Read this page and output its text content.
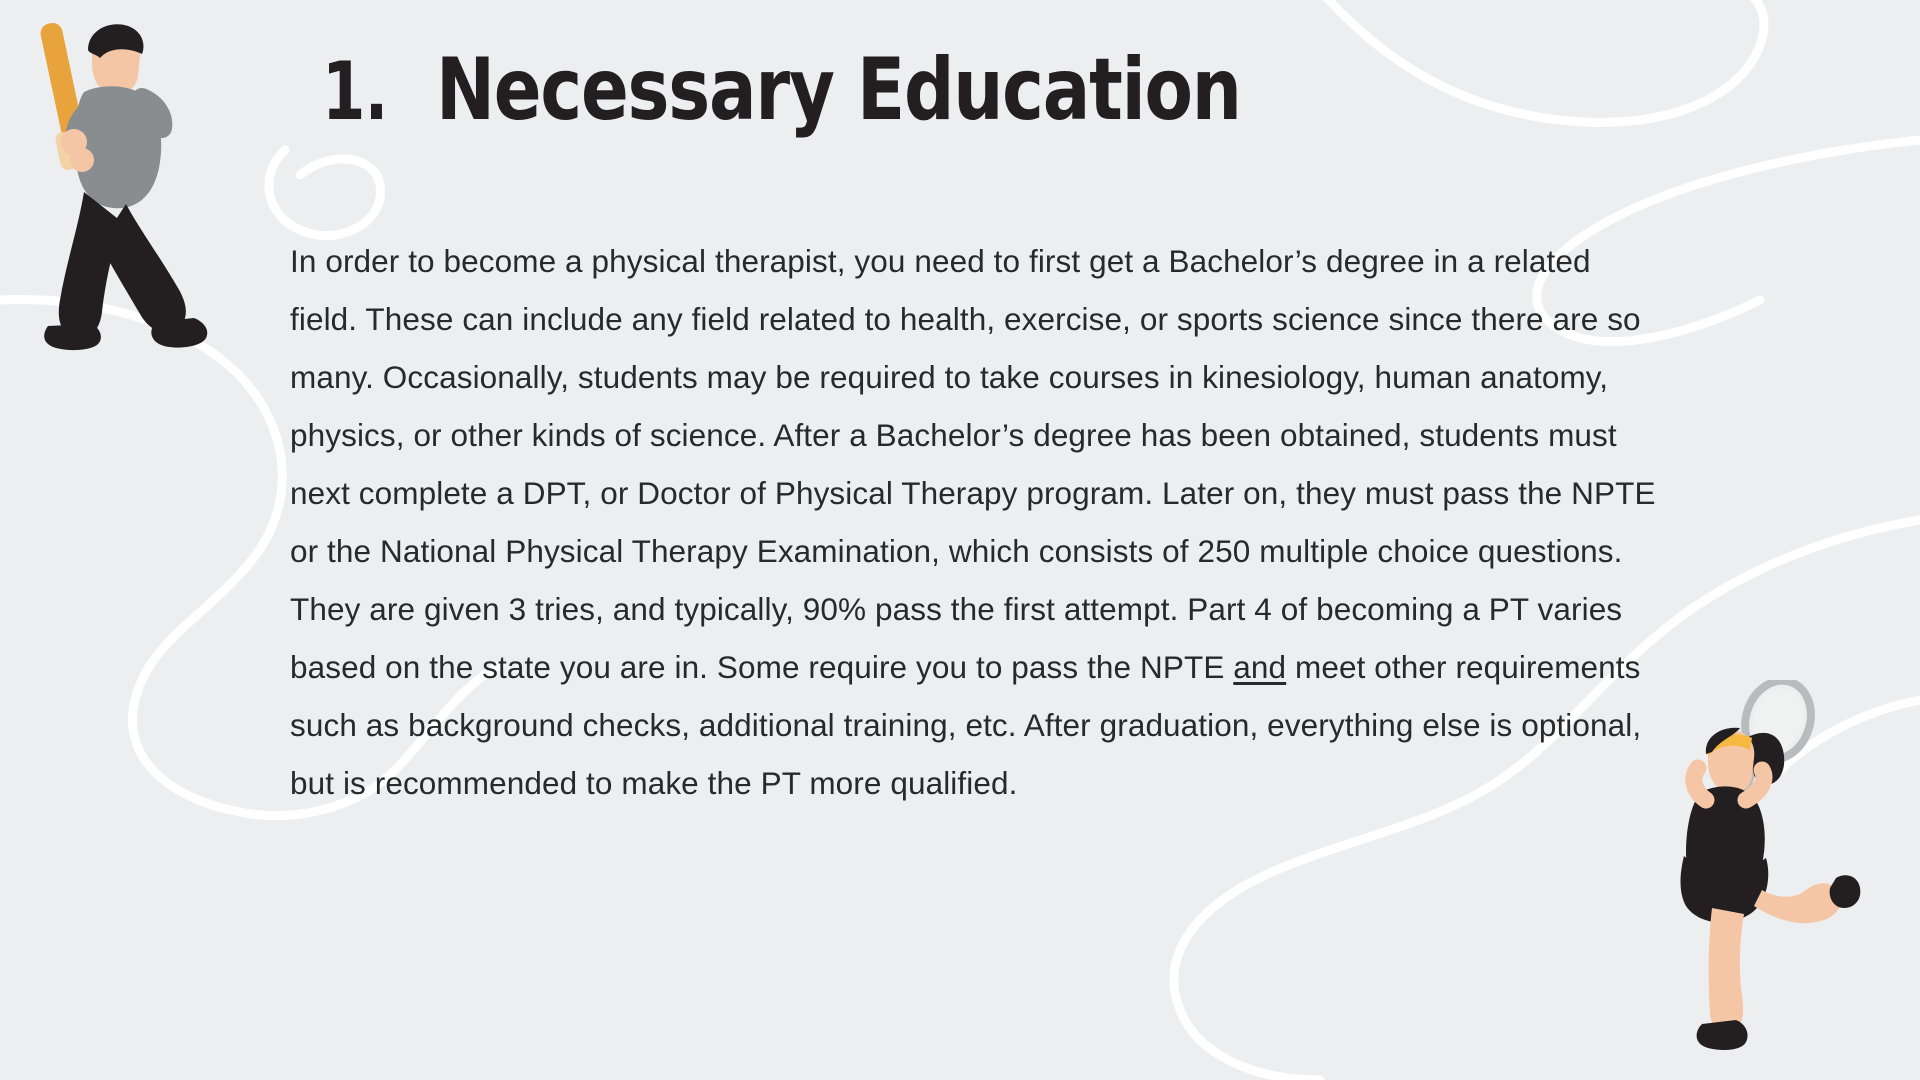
1. Necessary Education
In order to become a physical therapist, you need to first get a Bachelor’s degree in a related field. These can include any field related to health, exercise, or sports science since there are so many. Occasionally, students may be required to take courses in kinesiology, human anatomy, physics, or other kinds of science. After a Bachelor’s degree has been obtained, students must next complete a DPT, or Doctor of Physical Therapy program. Later on, they must pass the NPTE or the National Physical Therapy Examination, which consists of 250 multiple choice questions. They are given 3 tries, and typically, 90% pass the first attempt. Part 4 of becoming a PT varies based on the state you are in. Some require you to pass the NPTE and meet other requirements such as background checks, additional training, etc. After graduation, everything else is optional, but is recommended to make the PT more qualified.
